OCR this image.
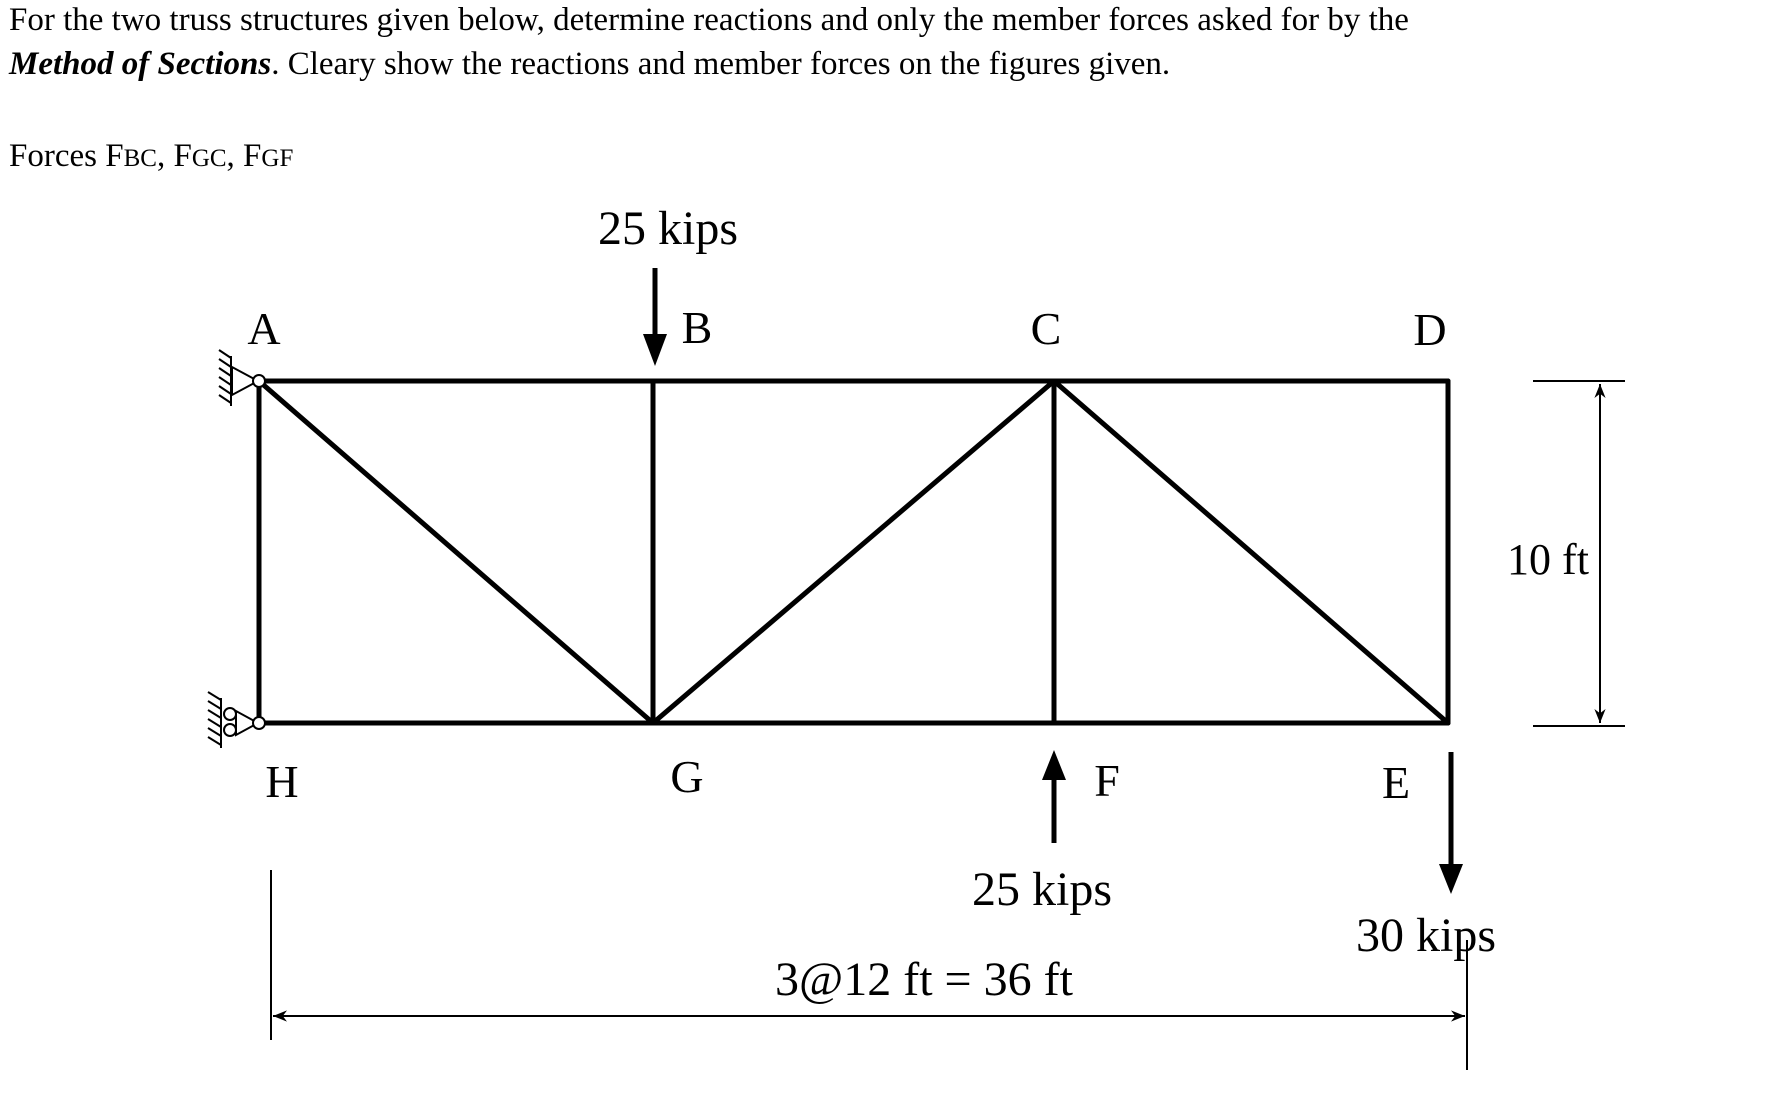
For the two truss structures given below, determine reactions and only the member forces asked for by the
Method of Sections. Cleary show the reactions and member forces on the figures given.
Forces FBC, FGC, FGF
A	B	C	D
H	G	F	E
25 kips
25 kips
30 kips
10 ft
3@12 ft = 36 ft
